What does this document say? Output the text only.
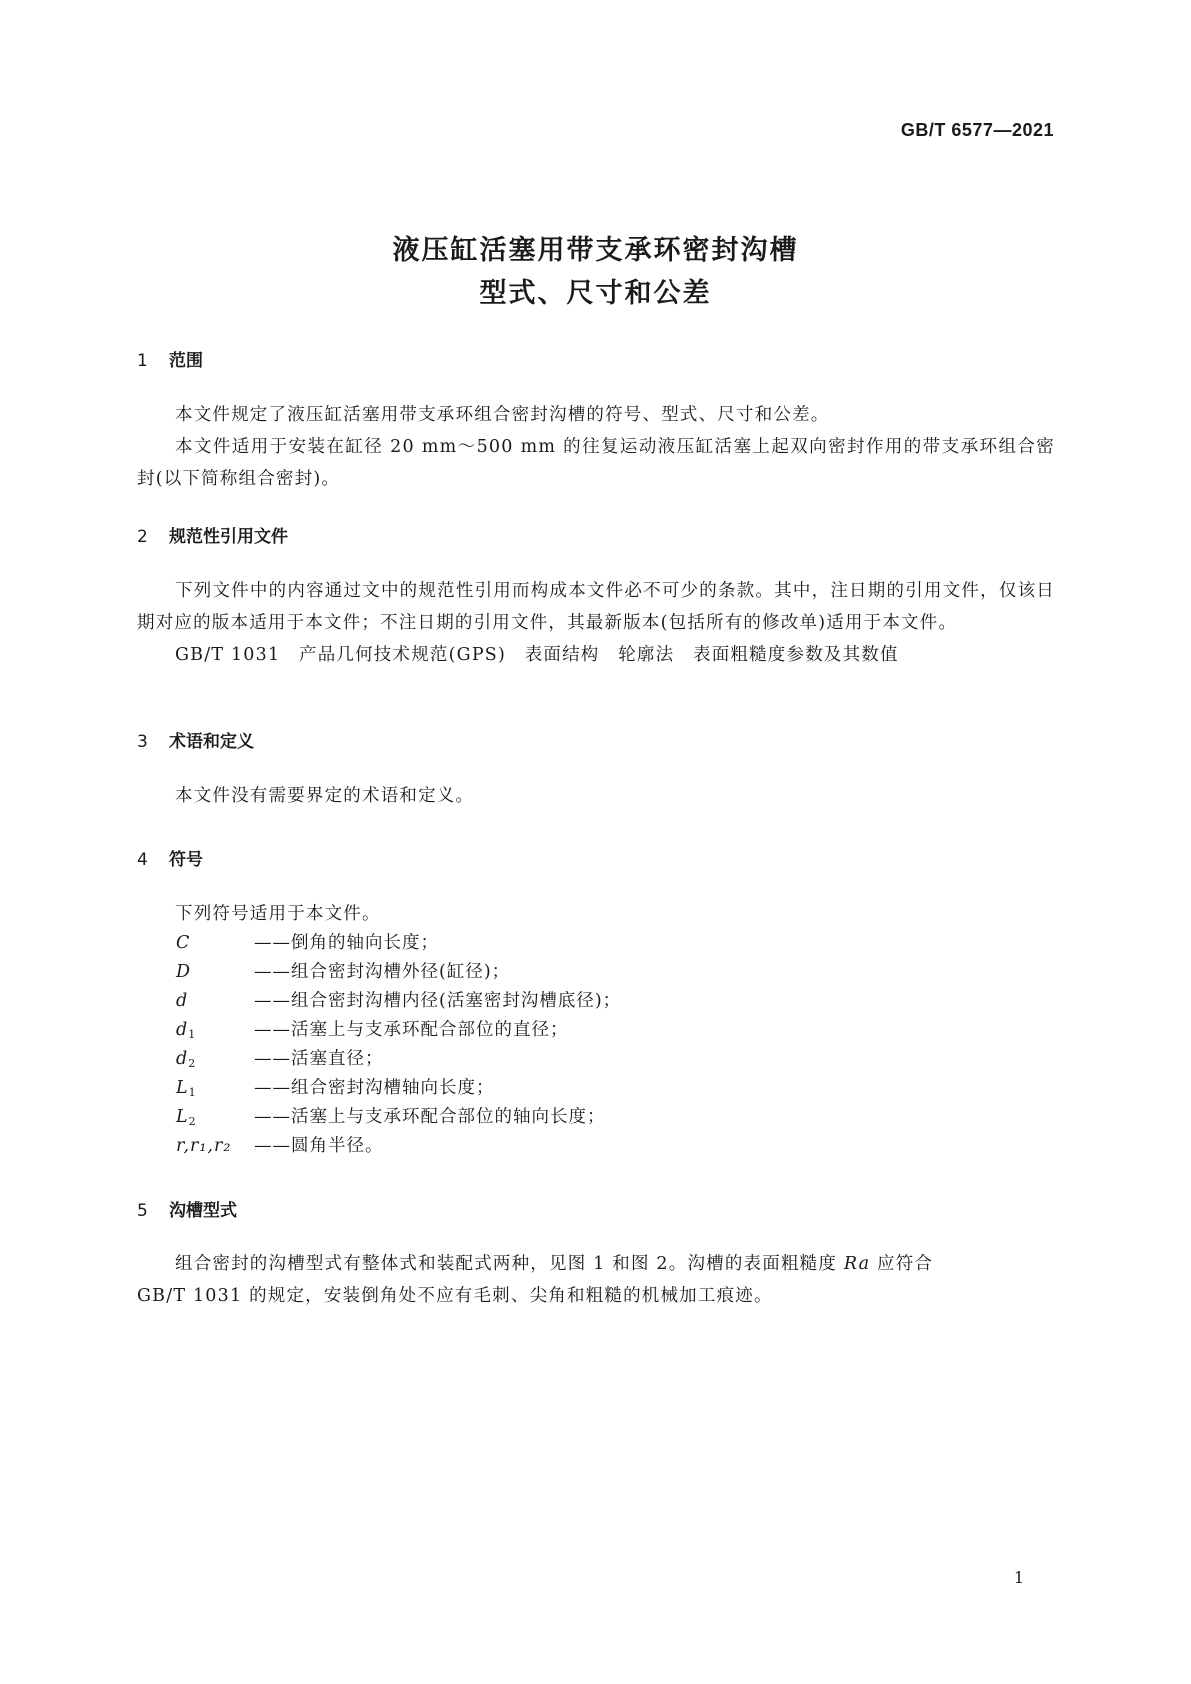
GB/T 6577—2021
液压缸活塞用带支承环密封沟槽
型式、尺寸和公差
1 范围

本文件规定了液压缸活塞用带支承环组合密封沟槽的符号、型式、尺寸和公差。

本文件适用于安装在缸径 20 mm～500 mm 的往复运动液压缸活塞上起双向密封作用的带支承环组合密封(以下简称组合密封)。

2 规范性引用文件

下列文件中的内容通过文中的规范性引用而构成本文件必不可少的条款。其中，注日期的引用文件，仅该日期对应的版本适用于本文件；不注日期的引用文件，其最新版本(包括所有的修改单)适用于本文件。

GB/T 1031　产品几何技术规范(GPS)　表面结构　轮廓法　表面粗糙度参数及其数值

3 术语和定义

本文件没有需要界定的术语和定义。

4 符号

下列符号适用于本文件。

C	——倒角的轴向长度；
D	——组合密封沟槽外径(缸径)；
d	——组合密封沟槽内径(活塞密封沟槽底径)；
$d_1$	——活塞上与支承环配合部位的直径；
$d_2$	——活塞直径；
$L_1$	——组合密封沟槽轴向长度；
$L_2$	——活塞上与支承环配合部位的轴向长度；
r,r₁,r₂ ——圆角半径。
5 沟槽型式

组合密封的沟槽型式有整体式和装配式两种，见图 1 和图 2。沟槽的表面粗糙度 Ra 应符合

GB/T 1031 的规定，安装倒角处不应有毛刺、尖角和粗糙的机械加工痕迹。

1
